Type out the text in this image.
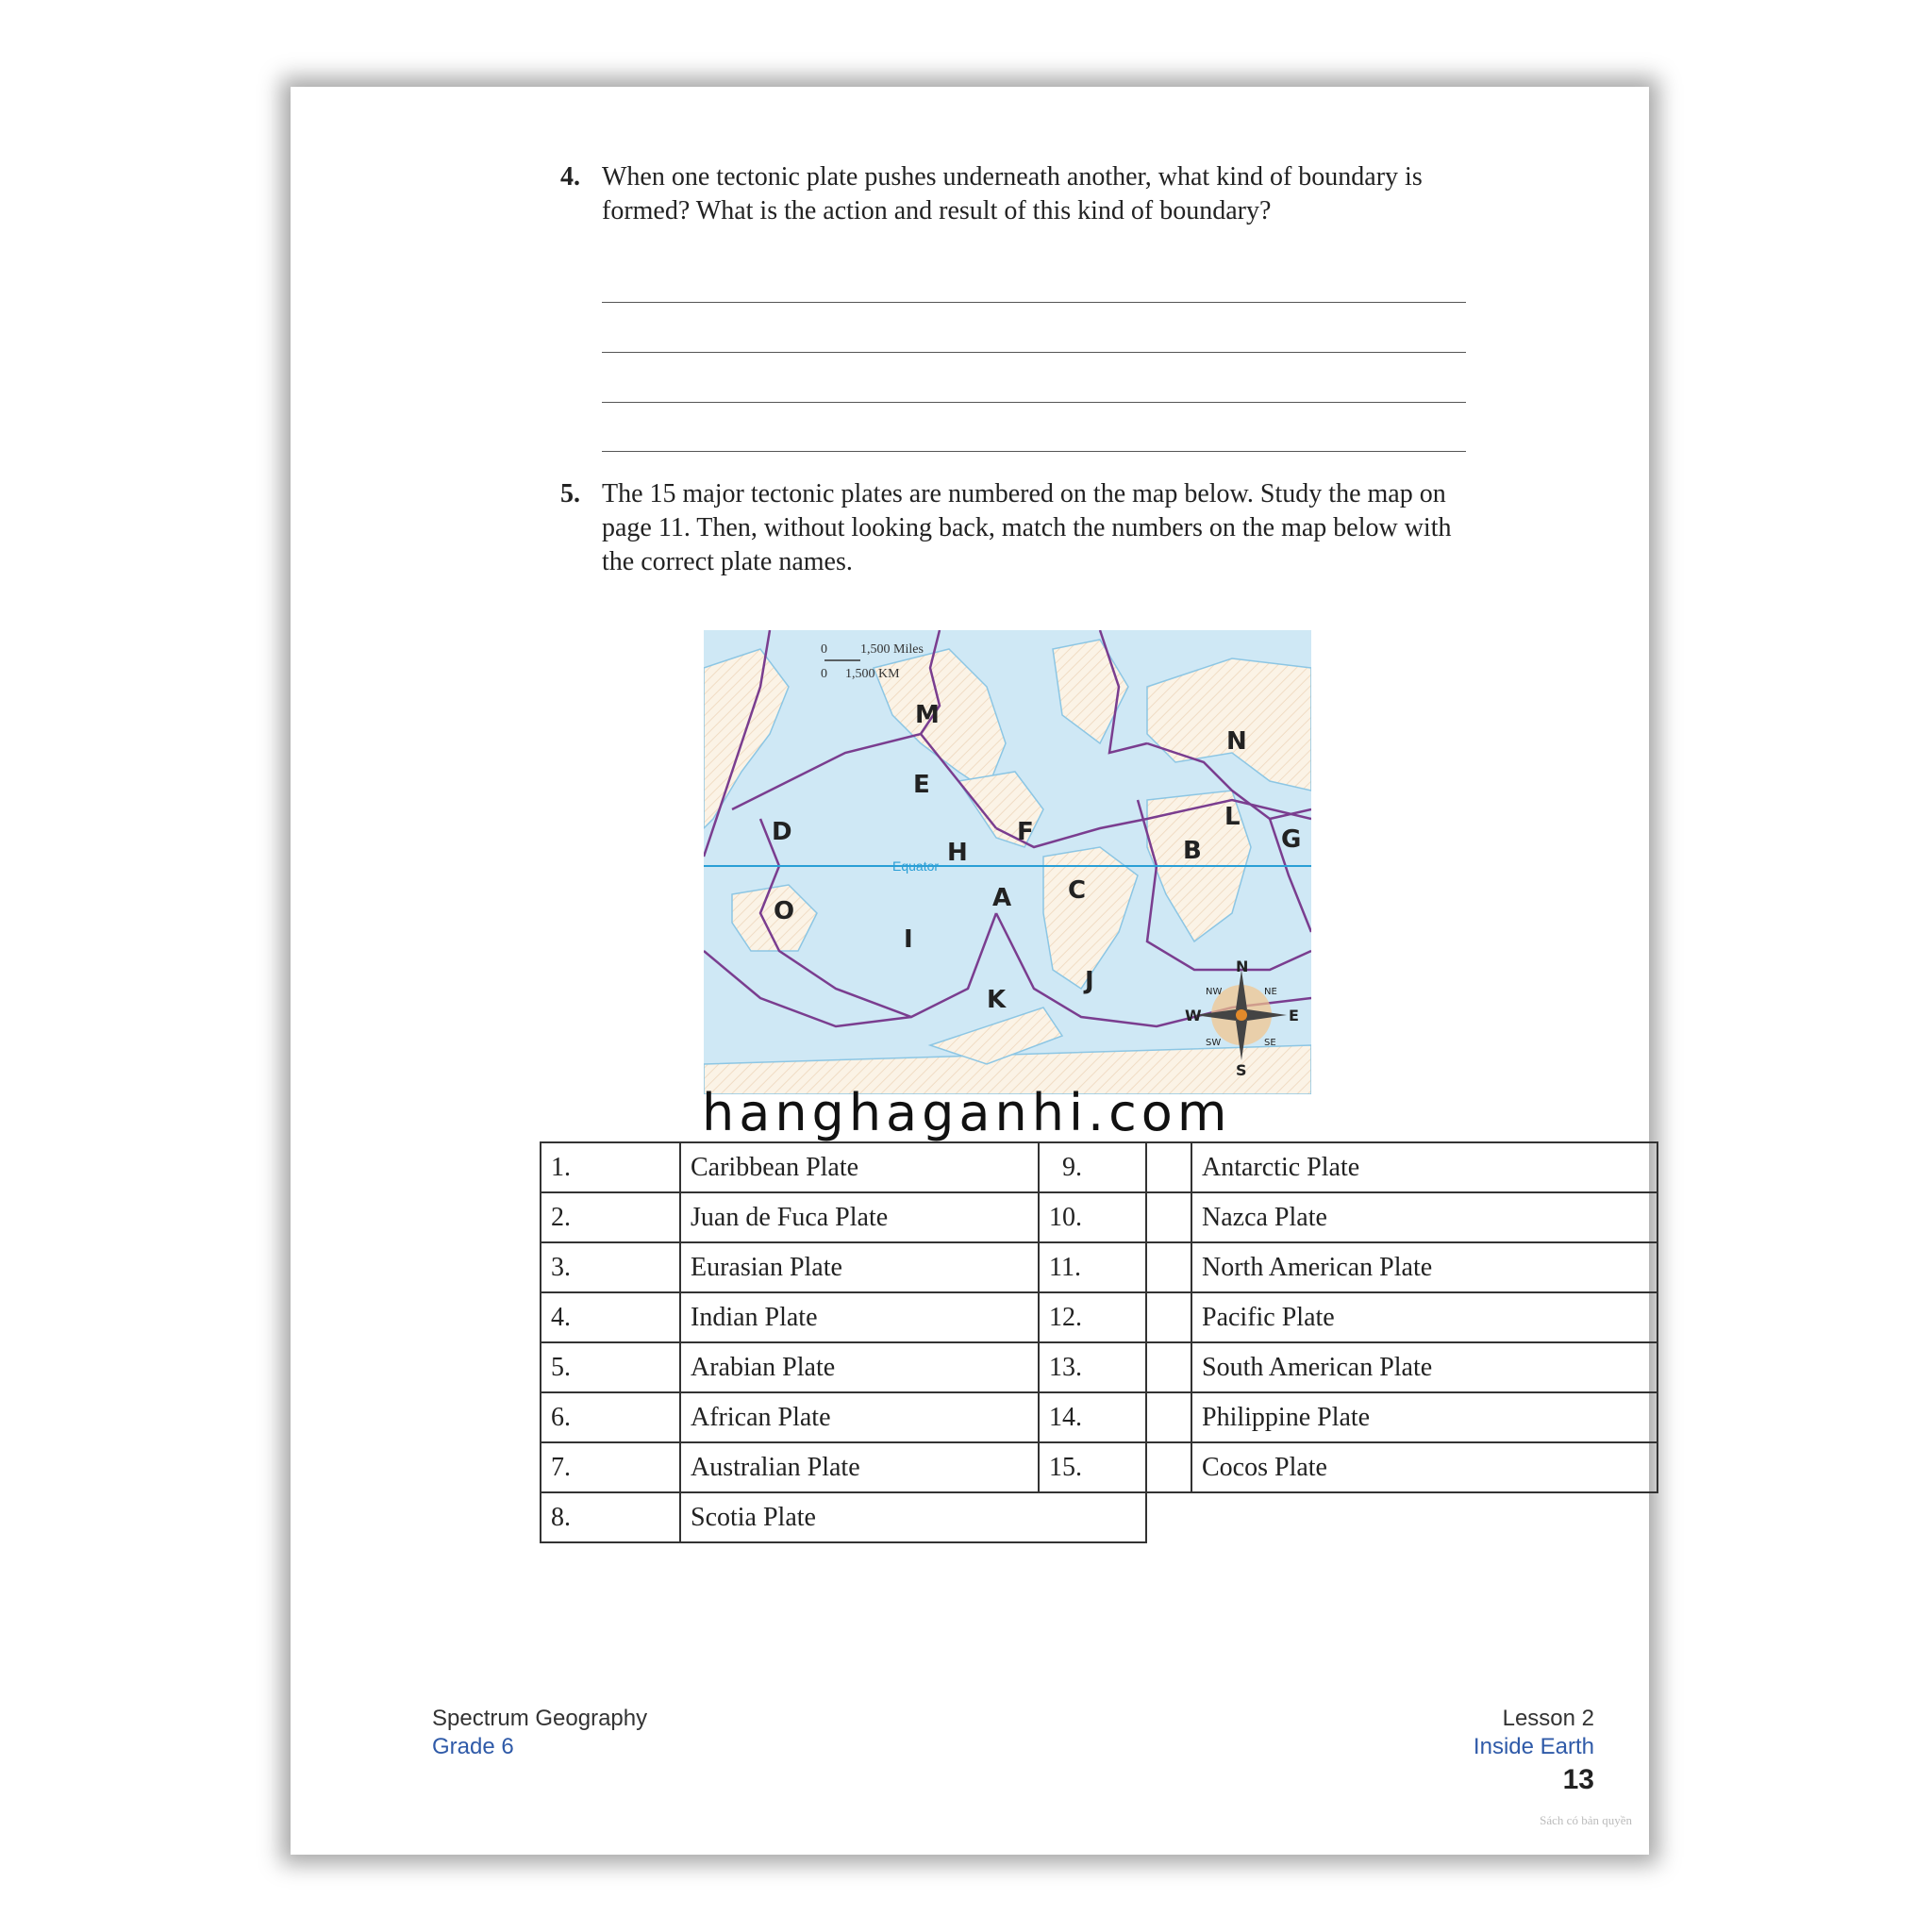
4. When one tectonic plate pushes underneath another, what kind of boundary is formed? What is the action and result of this kind of boundary?
5. The 15 major tectonic plates are numbered on the map below. Study the map on page 11. Then, without looking back, match the numbers on the map below with the correct plate names.
Equator
0	1,500 Miles
0 1,500 KM
M
N
E
D
L
G
F
H	B
C
A
O
I
K
J
N
S
W	E
NW	NE
SW	SE
hanghaganhi.com
1.	Caribbean Plate
2.	Juan de Fuca Plate
3.	Eurasian Plate
4.	Indian Plate
5.	Arabian Plate
6.	African Plate
7.	Australian Plate
8.	Scotia Plate
9.	Antarctic Plate
10.	Nazca Plate
11.	North American Plate
12.	Pacific Plate
13.	South American Plate
14.	Philippine Plate
15.	Cocos Plate
Spectrum Geography
Grade 6
Lesson 2
Inside Earth
13
Sách có bản quyền
